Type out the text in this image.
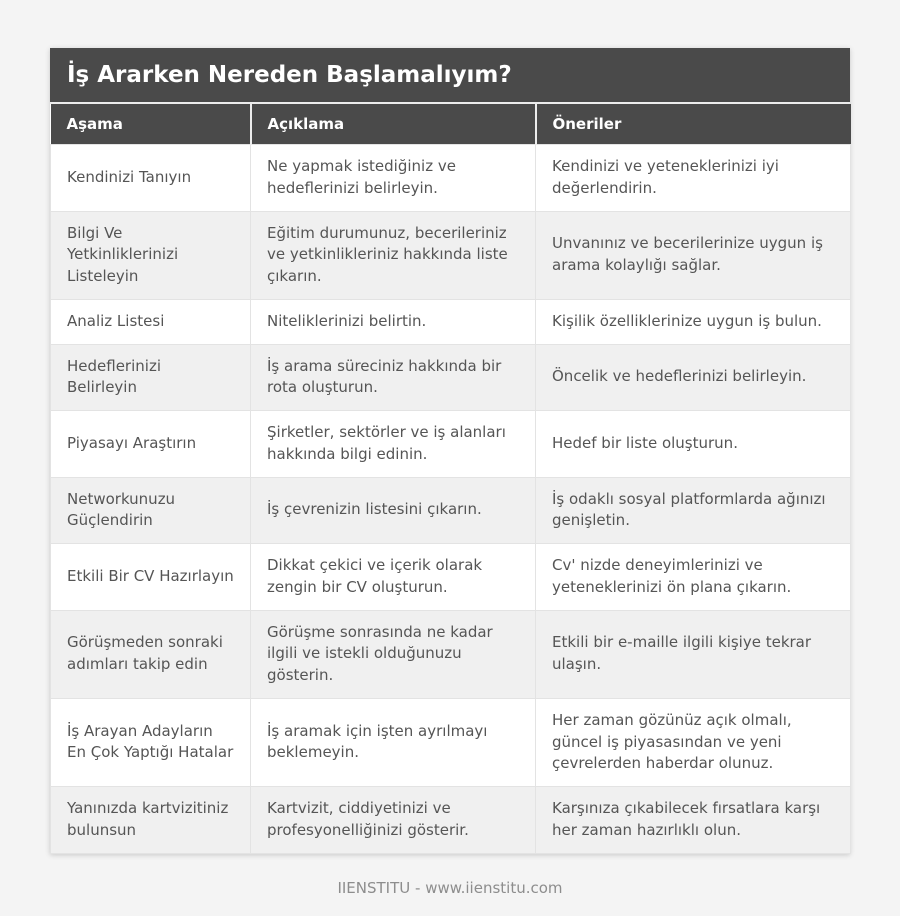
İş Ararken Nereden Başlamalıyım?
Aşama	Açıklama	Öneriler
Kendinizi Tanıyın	Ne yapmak istediğiniz ve hedeflerinizi belirleyin.	Kendinizi ve yeteneklerinizi iyi değerlendirin.
Bilgi Ve Yetkinliklerinizi Listeleyin	Eğitim durumunuz, becerileriniz ve yetkinlikleriniz hakkında liste çıkarın.	Unvanınız ve becerilerinize uygun iş arama kolaylığı sağlar.
Analiz Listesi	Niteliklerinizi belirtin.	Kişilik özelliklerinize uygun iş bulun.
Hedeflerinizi Belirleyin	İş arama süreciniz hakkında bir rota oluşturun.	Öncelik ve hedeflerinizi belirleyin.
Piyasayı Araştırın	Şirketler, sektörler ve iş alanları hakkında bilgi edinin.	Hedef bir liste oluşturun.
Networkunuzu Güçlendirin	İş çevrenizin listesini çıkarın.	İş odaklı sosyal platformlarda ağınızı genişletin.
Etkili Bir CV Hazırlayın	Dikkat çekici ve içerik olarak zengin bir CV oluşturun.	Cv' nizde deneyimlerinizi ve yeteneklerinizi ön plana çıkarın.
Görüşmeden sonraki adımları takip edin	Görüşme sonrasında ne kadar ilgili ve istekli olduğunuzu gösterin.	Etkili bir e-maille ilgili kişiye tekrar ulaşın.
İş Arayan Adayların En Çok Yaptığı Hatalar	İş aramak için işten ayrılmayı beklemeyin.	Her zaman gözünüz açık olmalı, güncel iş piyasasından ve yeni çevrelerden haberdar olunuz.
Yanınızda kartvizitiniz bulunsun	Kartvizit, ciddiyetinizi ve profesyonelliğinizi gösterir.	Karşınıza çıkabilecek fırsatlara karşı her zaman hazırlıklı olun.
IIENSTITU - www.iienstitu.com
